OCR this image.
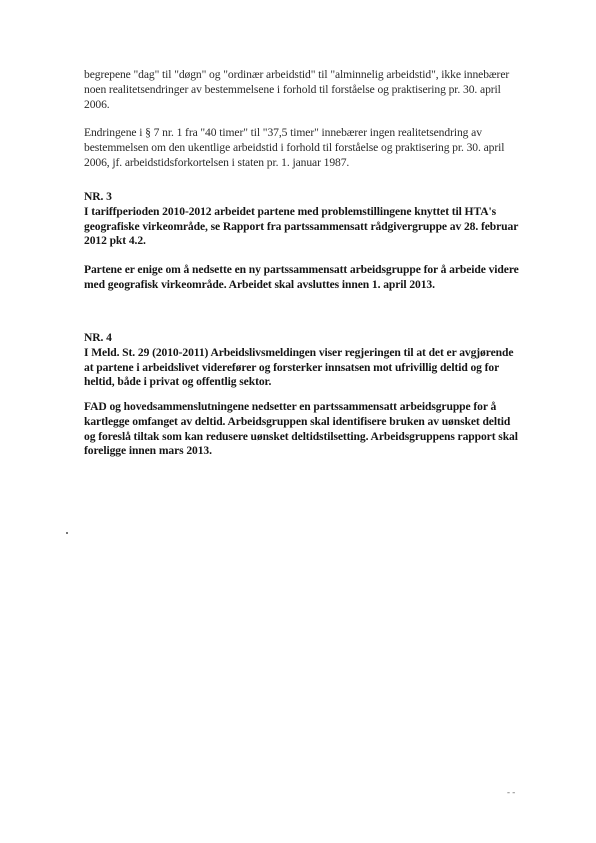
begrepene "dag" til "døgn" og "ordinær arbeidstid" til "alminnelig arbeidstid", ikke innebærer noen realitetsendringer av bestemmelsene i forhold til forståelse og praktisering pr. 30. april 2006.
Endringene i § 7 nr. 1 fra "40 timer" til "37,5 timer" innebærer ingen realitetsendring av bestemmelsen om den ukentlige arbeidstid i forhold til forståelse og praktisering pr. 30. april 2006, jf. arbeidstidsforkortelsen i staten pr. 1. januar 1987.
NR. 3
I tariffperioden 2010-2012 arbeidet partene med problemstillingene knyttet til HTA's geografiske virkeområde, se Rapport fra partssammensatt rådgivergruppe av 28. februar 2012 pkt 4.2.
Partene er enige om å nedsette en ny partssammensatt arbeidsgruppe for å arbeide videre med geografisk virkeområde. Arbeidet skal avsluttes innen 1. april 2013.
NR. 4
I Meld. St. 29 (2010-2011) Arbeidslivsmeldingen viser regjeringen til at det er avgjørende at partene i arbeidslivet viderefører og forsterker innsatsen mot ufrivillig deltid og for heltid, både i privat og offentlig sektor.
FAD og hovedsammenslutningene nedsetter en partssammensatt arbeidsgruppe for å kartlegge omfanget av deltid. Arbeidsgruppen skal identifisere bruken av uønsket deltid og foreslå tiltak som kan redusere uønsket deltidstilsetting. Arbeidsgruppens rapport skal foreligge innen mars 2013.
- -
